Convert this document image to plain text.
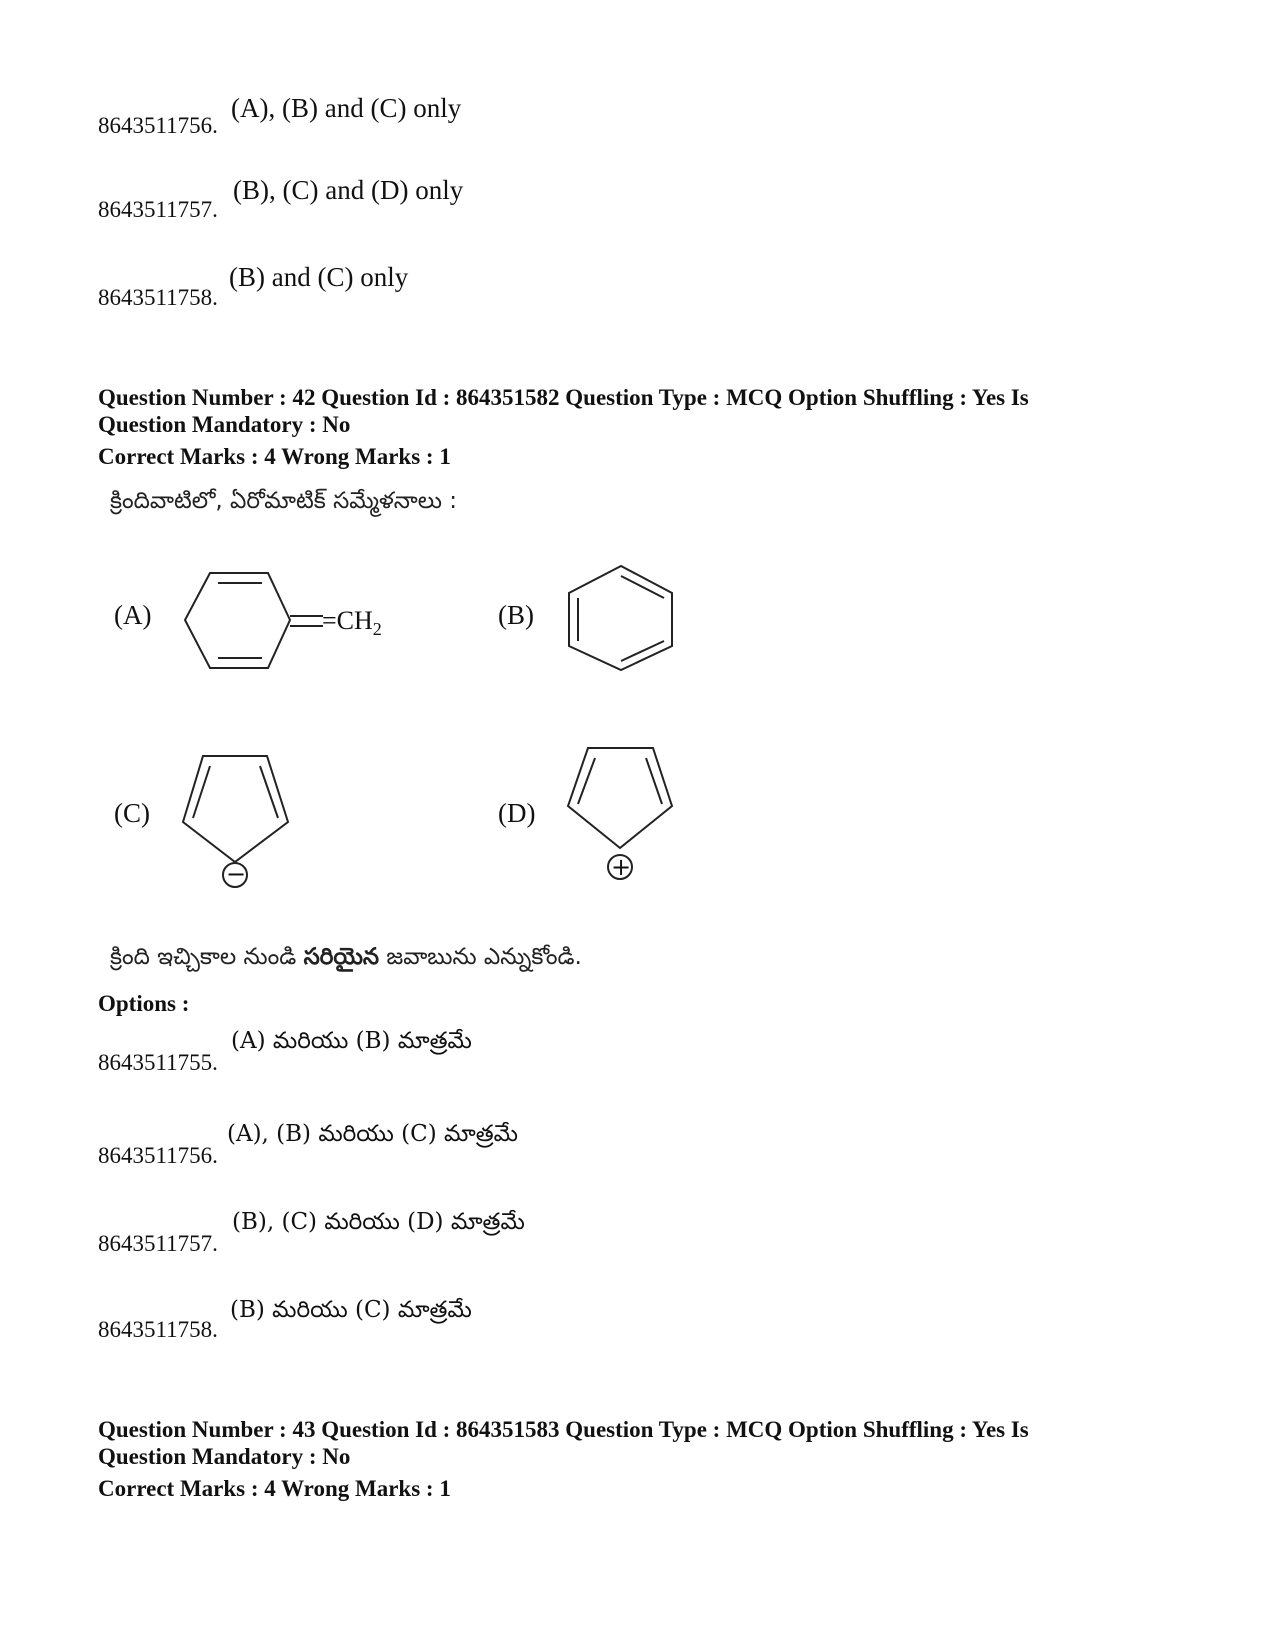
8643511756.
(A), (B) and (C) only
8643511757.
(B), (C) and (D) only
8643511758.
(B) and (C) only
Question Number : 42 Question Id : 864351582 Question Type : MCQ Option Shuffling : Yes Is
Question Mandatory : No
Correct Marks : 4 Wrong Marks : 1
క్రిందివాటిలో, ఏరోమాటిక్ సమ్మేళనాలు :
(A)	(B)
(C)	(D)
$=CH_2$
−	+
క్రింది ఇచ్చికాల నుండి సరియైన జవాబును ఎన్నుకోండి.
Options :
8643511755.
(A) మరియు (B) మాత్రమే
8643511756.
(A), (B) మరియు (C) మాత్రమే
8643511757.
(B), (C) మరియు (D) మాత్రమే
8643511758.
(B) మరియు (C) మాత్రమే
Question Number : 43 Question Id : 864351583 Question Type : MCQ Option Shuffling : Yes Is
Question Mandatory : No
Correct Marks : 4 Wrong Marks : 1
